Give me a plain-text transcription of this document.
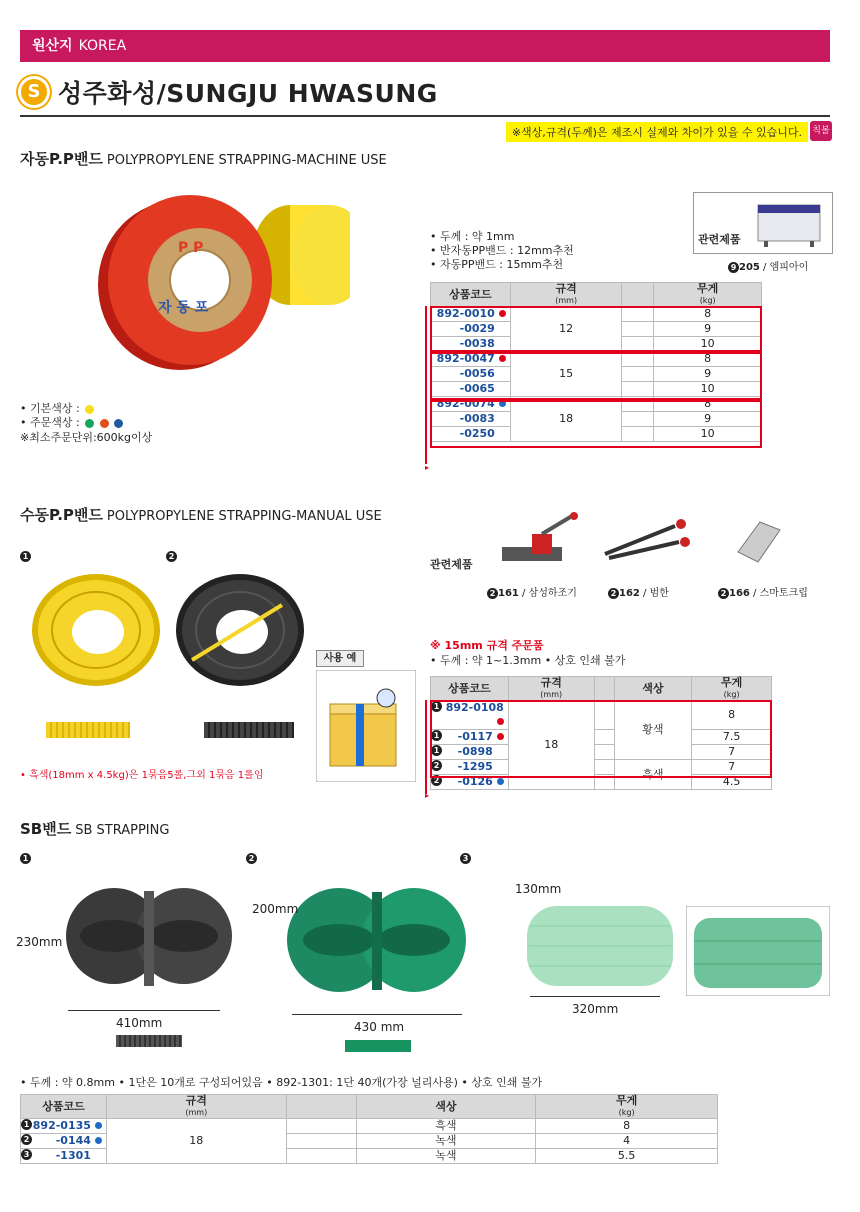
원산지 KOREA
S 성주화성/SUNGJU HWASUNG
※색상,규격(두께)은 제조시 실제와 차이가 있을 수 있습니다.	칙볼
자동P.P밴드 POLYPROPYLENE STRAPPING-MACHINE USE
P P
자 동 포
• 기본색상 :
• 주문색상 :
※최소주문단위:600kg이상
• 두께 : 약 1mm
• 반자동PP밴드 : 12mm추천
• 자동PP밴드 : 15mm추천
관련제품
9 205 / 엠피아이
상품코드	규격
(mm)		무게
(kg)
892-0010	12		8
-0029			9
-0038			10
892-0047	15		8
-0056			9
-0065			10
892-0074	18		8
-0083			9
-0250			10
▸
수동P.P밴드 POLYPROPYLENE STRAPPING-MANUAL USE
1	2
• 흑색(18mm x 4.5kg)은 1묶음5롤,그외 1묶음 1롤임
사용 예
관련제품
2 161 / 삼성하조기	2 162 / 범한	2 166 / 스마토크립
※ 15mm 규격 주문품
• 두께 : 약 1~1.3mm • 상호 인쇄 불가
상품코드	규격
(mm)		색상	무게
(kg)

1 892-0108	18		황색	8

1 -0117				7.5

1 -0898				7

2 -1295			흑색	7

2 -0126				4.5
▸
SB밴드 SB STRAPPING
1	2	3
230mm
410mm
200mm
430 mm
130mm
320mm
• 두께 : 약 0.8mm • 1단은 10개로 구성되어있음 • 892-1301: 1단 40개(가장 널리사용) • 상호 인쇄 불가
상품코드	규격
(mm)		색상	무게
(kg)

1 892-0135	18		흑색	8

2 -0144			녹색	4

3 -1301			녹색	5.5
